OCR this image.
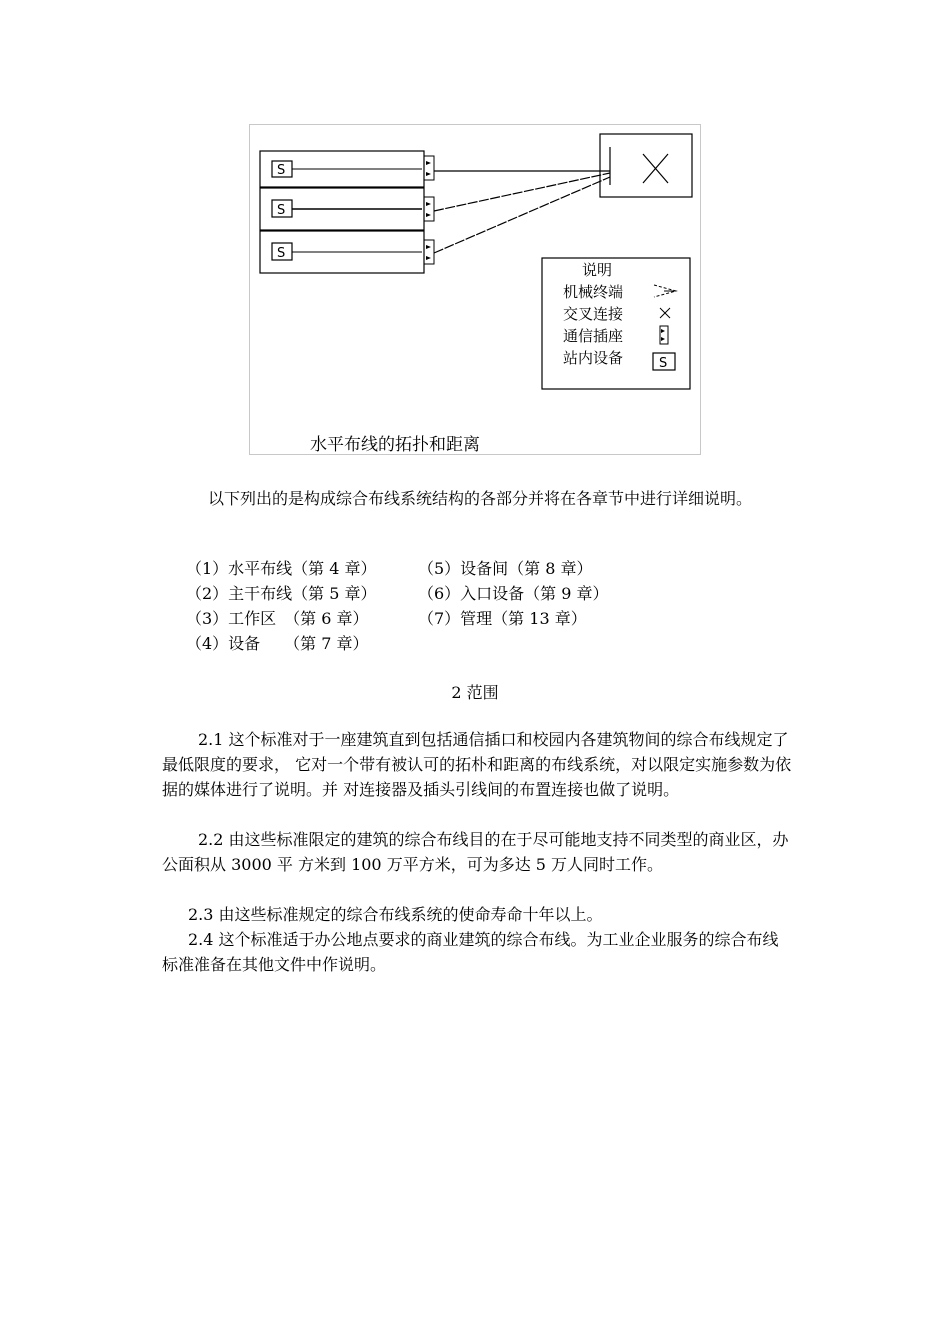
S
S
S
S
说明
机械终端
交叉连接
通信插座
站内设备
水平布线的拓扑和距离

以下列出的是构成综合布线系统结构的各部分并将在各章节中进行详细说明。

（1）水平布线（第 4 章）	（5）设备间（第 8 章）
（2）主干布线（第 5 章）	（6）入口设备（第 9 章）
（3）工作区　（第 6 章）	（7）管理（第 13 章）
（4）设备　　（第 7 章）
2 范围

2.1 这个标准对于一座建筑直到包括通信插口和校园内各建筑物间的综合布线规定了最低限度的要求， 它对一个带有被认可的拓朴和距离的布线系统，对以限定实施参数为依据的媒体进行了说明。并 对连接器及插头引线间的布置连接也做了说明。

2.2 由这些标准限定的建筑的综合布线目的在于尽可能地支持不同类型的商业区，办公面积从 3000 平 方米到 100 万平方米，可为多达 5 万人同时工作。

2.3 由这些标准规定的综合布线系统的使命寿命十年以上。

2.4 这个标准适于办公地点要求的商业建筑的综合布线。为工业企业服务的综合布线标准准备在其他文件中作说明。
